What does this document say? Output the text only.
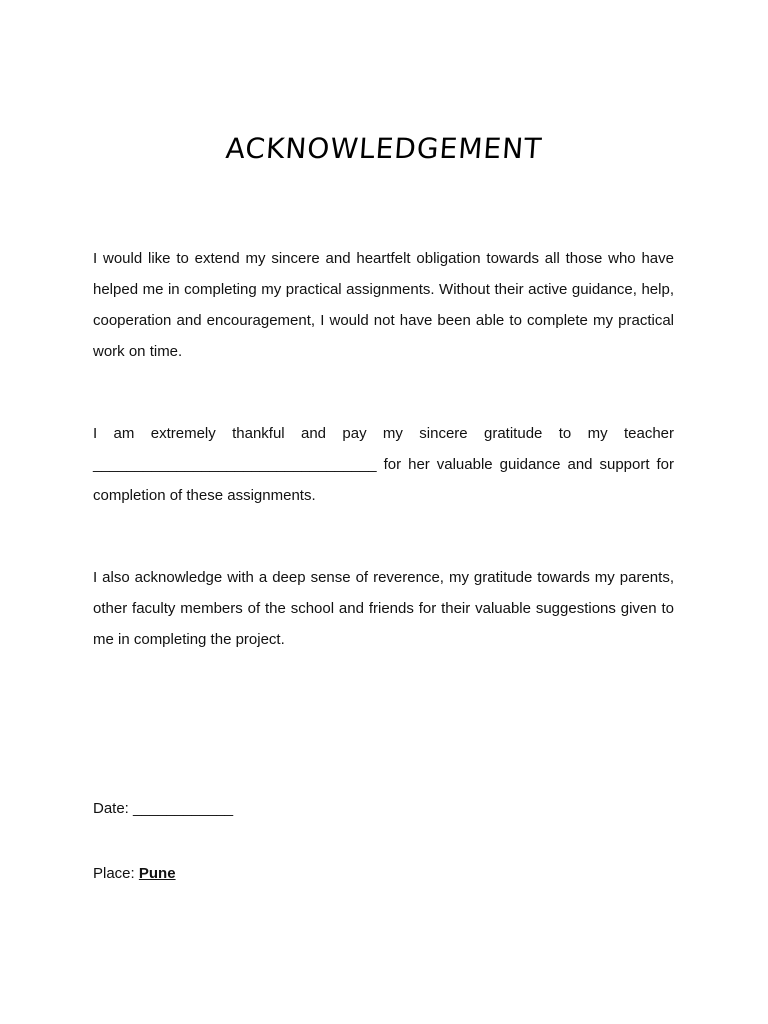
ACKNOWLEDGEMENT

I would like to extend my sincere and heartfelt obligation towards all those who have helped me in completing my practical assignments. Without their active guidance, help, cooperation and encouragement, I would not have been able to complete my practical work on time.

I am extremely thankful and pay my sincere gratitude to my teacher __________________________________ for her valuable guidance and support for completion of these assignments.

I also acknowledge with a deep sense of reverence, my gratitude towards my parents, other faculty members of the school and friends for their valuable suggestions given to me in completing the project.

Date: ____________
Place: Pune
